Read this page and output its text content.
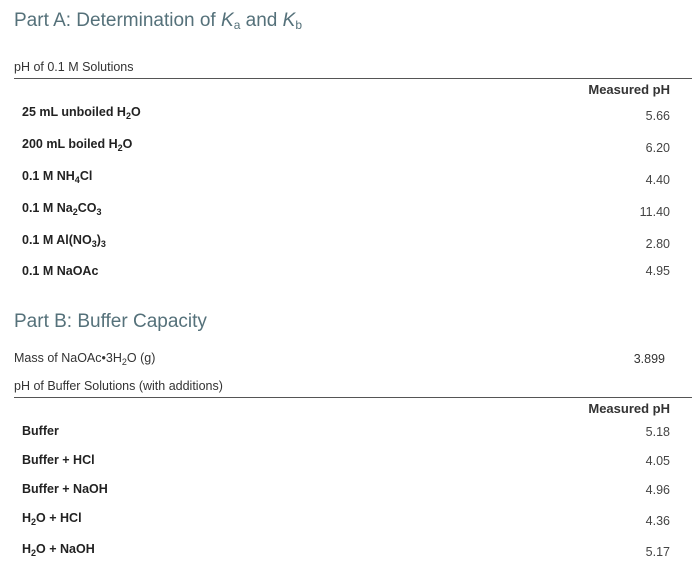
Part A: Determination of $K_a$ and $K_b$
pH of 0.1 M Solutions
Measured pH
25 mL unboiled $H_2O$	5.66
200 mL boiled $H_2O$	6.20
0.1 M $NH_4Cl$	4.40
0.1 M $Na_2CO_3$	11.40
0.1 M $Al(NO_3)_3$	2.80
0.1 M NaOAc	4.95
Part B: Buffer Capacity
Mass of $NaOAc•3H_2O$ (g)	3.899
pH of Buffer Solutions (with additions)
Measured pH
Buffer	5.18
Buffer + HCl	4.05
Buffer + NaOH	4.96
$H_2O$ + HCl	4.36
$H_2O$ + NaOH	5.17
